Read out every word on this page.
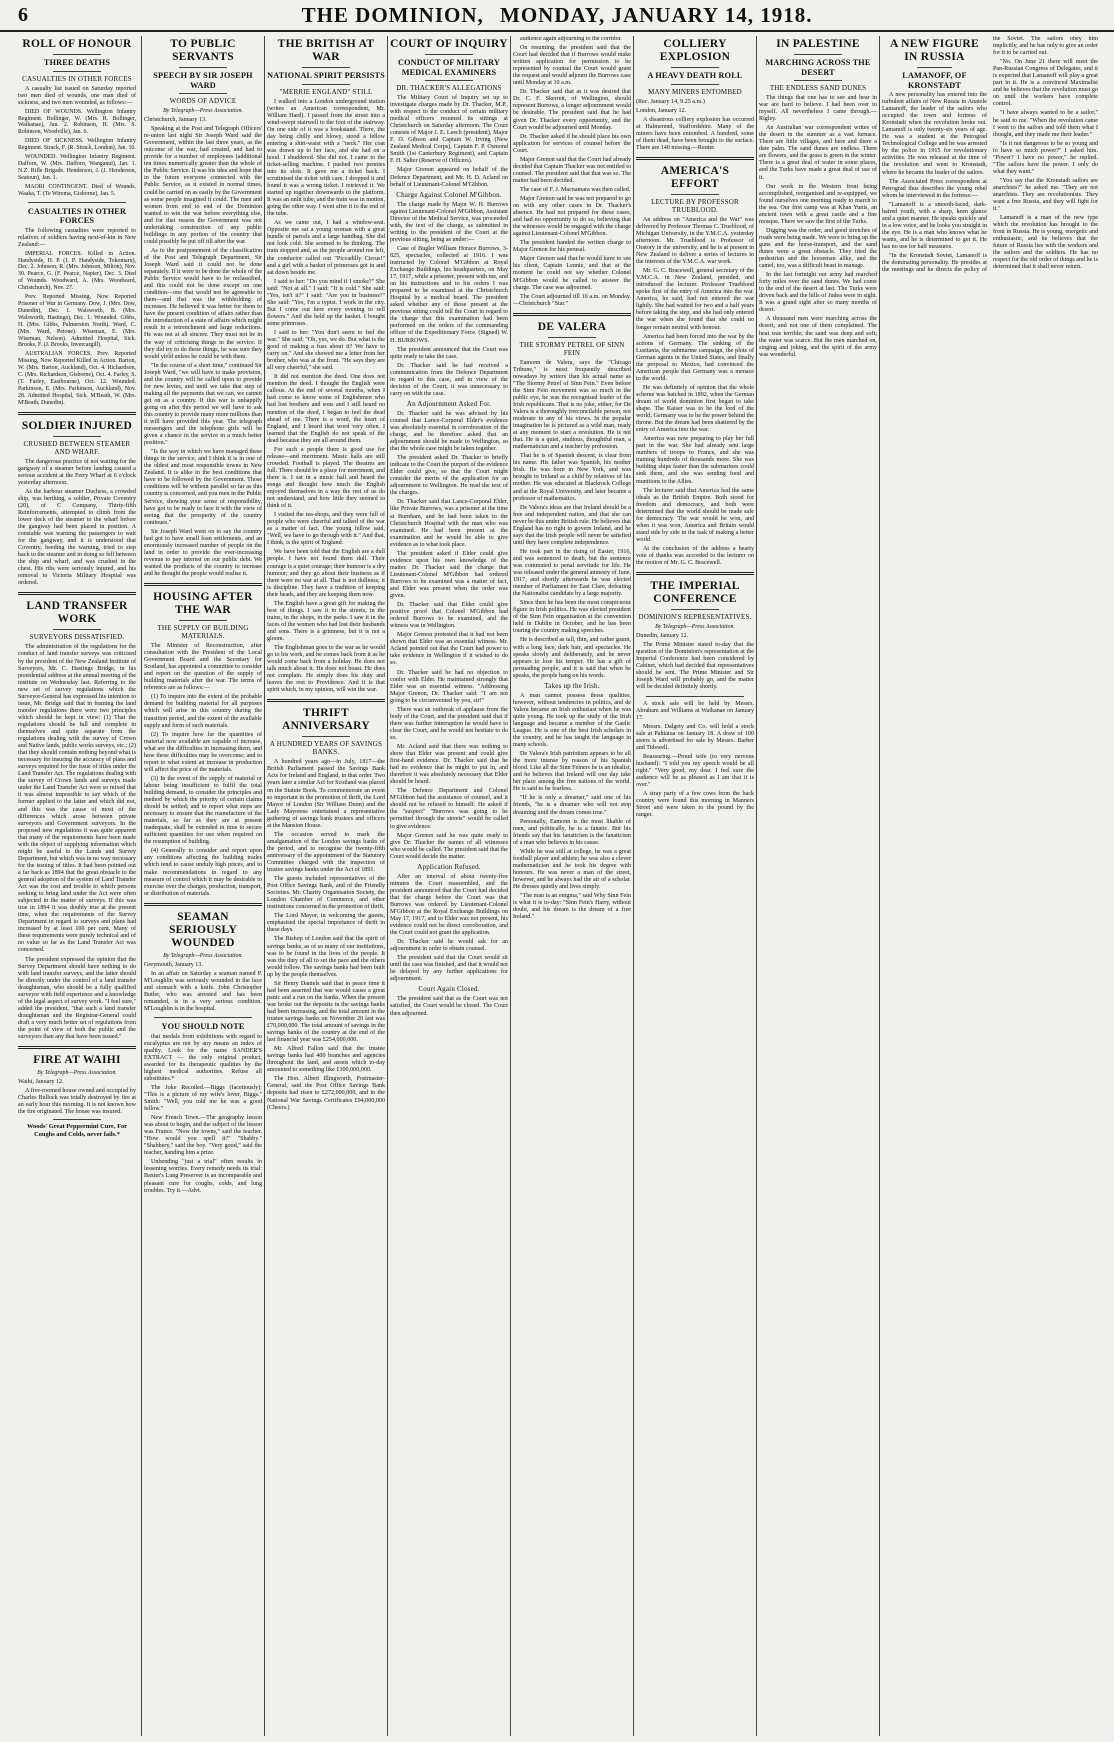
6	THE DOMINION, MONDAY, JANUARY 14, 1918.
ROLL OF HONOUR
THREE DEATHS
CASUALTIES IN OTHER FORCES

A casualty list issued on Saturday reported two men died of wounds, one man died of sickness, and two men wounded, as follows:—

DIED OF WOUNDS. Wellington Infantry Regiment. Bollinger, W. (Mrs. R. Bollinger, Waikanae), Jan. 2. Robinson, H. (Mrs. S. Robinson, Woodville), Jan. 6.

DIED OF SICKNESS. Wellington Infantry Regiment. Strack, F. (R. Strack, London), Jan. 10.

WOUNDED. Wellington Infantry Regiment. Dafforn, W. (Mrs. Dafforn, Wanganui), Jan. 1. N.Z. Rifle Brigade. Henderson, J. (J. Henderson, Seatoun), Jan. 1.

MAORI CONTINGENT. Died of Wounds. Waaka, T. (Te Wirema, Gisborne), Jan. 5.

CASUALTIES IN OTHER FORCES

The following casualties were reported to relatives of soldiers having next-of-kin in New Zealand:—

IMPERIAL FORCES. Killed in Action. Handyside, H. P. (J. P. Handyside, Tokomaru), Dec. 2. Johnson, R. (Mrs. Johnson, Milton), Nov. 30. Pearce, G. (F. Pearce, Napier), Dec. 3. Died of Wounds. Woodward, A. (Mrs. Woodward, Christchurch), Nov. 27.

Prev. Reported Missing, Now Reported Prisoner of War in Germany. Dow, J. (Mrs. Dow, Dunedin), Dec. 1. Walsworth, B. (Mrs. Walsworth, Hastings), Dec. 1. Wounded. Gibbs, H. (Mrs. Gibbs, Palmerston North). Ward, C. (Mrs. Ward, Petone). Wiseman, E. (Mrs. Wiseman, Nelson). Admitted Hospital, Sick. Brooks, F. (J. Brooks, Invercargill).

AUSTRALIAN FORCES. Prev. Reported Missing, Now Reported Killed in Action. Barton, W. (Mrs. Barton, Auckland), Oct. 4. Richardson, C. (Mrs. Richardson, Gisborne), Oct. 4. Farley, S. (T. Farley, Eastbourne), Oct. 12. Wounded. Parkinson, E. (Mrs. Parkinson, Auckland), Nov. 28. Admitted Hospital, Sick. M'Beath, W. (Mrs. M'Beath, Dunedin).

SOLDIER INJURED
CRUSHED BETWEEN STEAMER AND WHARF.

The dangerous practice of not waiting for the gangway of a steamer before landing caused a serious accident at the Ferry Wharf at 6 o'clock yesterday afternoon.

As the harbour steamer Duchess, a crowded ship, was berthing, a soldier, Private Coventry (20), of C Company, Thirty-fifth Reinforcements, attempted to climb from the lower deck of the steamer to the wharf before the gangway had been placed in position. A constable was warning the passengers to wait for the gangway, and it is understood that Coventry, heeding the warning, tried to step back to the steamer and in doing so fell between the ship and wharf, and was crushed in the chest. His ribs were seriously injured, and his removal to Victoria Military Hospital was ordered.

LAND TRANSFER WORK
SURVEYORS DISSATISFIED.

The administration of the regulations for the conduct of land transfer surveys was criticised by the president of the New Zealand Institute of Surveyors, Mr. C. Hastings Bridge, in his presidential address at the annual meeting of the institute on Wednesday last. Referring to the new set of survey regulations which the Surveyor-General has expressed his intention to issue, Mr. Bridge said that in framing the land transfer regulations there were two principles which should be kept in view: (1) That the regulations should be full and complete in themselves and quite separate from the regulations dealing with the survey of Crown and Native lands, public works surveys, etc.; (2) that they should contain nothing beyond what is necessary for insuring the accuracy of plans and surveys required for the issue of titles under the Land Transfer Act. The regulations dealing with the survey of Crown lands and surveys made under the Land Transfer Act were so mixed that it was almost impossible to say which of the former applied to the latter and which did not, and this was the cause of most of the differences which arose between private surveyors and Government surveyors. In the proposed new regulations it was quite apparent that many of the requirements have been made with the object of supplying information which might be useful to the Lands and Survey Department, but which was in no way necessary for the issuing of titles. It had been pointed out a far back as 1894 that the great obstacle to the general adoption of the system of Land Transfer Act was the cost and trouble to which persons seeking to bring land under the Act were often subjected in the matter of surveys. If this was true in 1894 it was doubly true at the present time, when the requirements of the Survey Department in regard to surveys and plans had increased by at least 100 per cent. Many of these requirements were purely technical and of no value so far as the Land Transfer Act was concerned.

The president expressed the opinion that the Survey Department should have nothing to do with land transfer surveys, and the latter should be directly under the control of a land transfer draughtsman, who should be a fully qualified surveyor with field experience and a knowledge of the legal aspect of survey work. "I feel sure," added the president, "that such a land transfer draughtsman and the Registrar-General could draft a very much better set of regulations from the point of view of both the public and the surveyors than any that have been issued."

FIRE AT WAIHI
By Telegraph—Press Association.
Waihi, January 12.

A five-roomed house owned and occupied by Charles Bullock was totally destroyed by fire at an early hour this morning. It is not known how the fire originated. The house was insured.

Woods' Great Peppermint Cure, For Coughs and Colds, never fails.*
TO PUBLIC SERVANTS
SPEECH BY SIR JOSEPH WARD
WORDS OF ADVICE
By Telegraph—Press Association.
Christchurch, January 13.

Speaking at the Post and Telegraph Officers' re-union last night Sir Joseph Ward said the Government, within the last three years, as the outcome of the war, had created, and had to provide for a number of employees (additional ten times numerically greater than the whole of the Public Service. It was his idea and hope that in the future everyone connected with the Public Service, as it existed in normal times, could be carried on as easily by the Government as some people imagined it could. The men and women from end to end of the Dominion wanted to win the war before everything else, and for that reason the Government was not undertaking construction of any public buildings in any portion of the country that could possibly be put off till after the war.

As to the postponement of the classification of the Post and Telegraph Department, Sir Joseph Ward said it could not be done separately. If it were to be done the whole of the Public Service would have to be reclassified, and this could not be done except on one condition—one that would not be agreeable to them—and that was the withholding of increases. He believed it was better for them to have the present condition of affairs rather than the introduction of a state of affairs which might result in a retrenchment and large reductions. He was not at all sincere. They must not be in the way of criticising things in the service. If they did try to do these things, he was sure they would yield unless he could be with them.

"In the course of a short time," continued Sir Joseph Ward, "we will have to make provision, and the country will be called upon to provide for new levies, and until we take that step of making all the payments that we can, we cannot get on as a country. If this war is unhappily going on after this period we will have to ask this country to provide many more millions than it will have provided this year. The telegraph messengers and the telephone girls will be given a chance in the service in a much better position."

"Is the way in which we have managed these things in the service, and I think it is in one of the oldest and most responsible towns in New Zealand. It is alike in the best conditions that have to be followed by the Government. Those conditions will be without parallel so far as this country is concerned, and you men in the Public Service, showing your sense of responsibility, have got to be ready to face it with the view of seeing that the prosperity of the country continues."

Sir Joseph Ward went on to say the country had got to have small loan settlements, and an enormously increased number of people on the land in order to provide the ever-increasing revenue to pay interest on our public debt. We wanted the products of the country to increase and he thought the people would realise it.

HOUSING AFTER THE WAR
THE SUPPLY OF BUILDING MATERIALS.

The Minister of Reconstruction, after consultation with the President of the Local Government Board and the Secretary for Scotland, has appointed a committee to consider and report on the question of the supply of building materials after the war. The terms of reference are as follows:—

(1) To inquire into the extent of the probable demand for building material for all purposes which will arise in this country during the transition period, and the extent of the available supply and form of such materials.

(2) To inquire how far the quantities of material now available are capable of increase, what are the difficulties in increasing them, and how these difficulties may be overcome; and to report to what extent an increase in production will affect the price of the materials.

(3) In the event of the supply of material or labour being insufficient to fulfil the total building demand, to consider the principles and method by which the priority of certain claims should be settled; and to report what steps are necessary to ensure that the manufacture of the materials, so far as they are at present inadequate, shall be extended in time to secure sufficient quantities for use when required on the resumption of building.

(4) Generally to consider and report upon any conditions affecting the building trades which tend to cause unduly high prices, and to make recommendations in regard to any measure of control which it may be desirable to exercise over the charges, production, transport, or distribution of materials.

SEAMAN SERIOUSLY WOUNDED
By Telegraph—Press Association.
Greymouth, January 13.

In an affair on Saturday a seaman named P. M'Loughlin was seriously wounded in the face and stomach with a knife. John Christopher Butler, who was arrested and has been remanded, is in a very serious condition. M'Loughlin is in the hospital.

YOU SHOULD NOTE

that medals from exhibitions with regard to eucalyptus are not by any means an index of quality. Look for the name SANDER'S EXTRACT — the only original product, awarded for its therapeutic qualities by the highest medical authorities. Refuse all substitutes.*

The Joke Recoiled.—Biggs (facetiously): "This is a picture of my wife's lover, Biggs." Smith: "Well, you told me he was a good fellow."

New French Town.—The geography lesson was about to begin, and the subject of the lesson was France. "Now the towns," said the teacher. "How would you spell it?" "Shabby." "Shabbery," said the boy. "Very good," said the teacher, handing him a prize.

Unbending "just a trial" often results in lessening worries. Every remedy needs its trial: Baxter's Lung Preserver is an incomparable and pleasant cure for coughs, colds, and lung troubles. Try it.—Advt.

THE BRITISH AT WAR
NATIONAL SPIRIT PERSISTS
"MERRIE ENGLAND" STILL

I walked into a London underground station (writes an American correspondent, Mr. William Hard). I passed from the street into a wind-swept stairwell to the foot of the stairway. On one side of it was a bookstand. There, the day being chilly and blowy, stood a fellow entering a shirt-waist with a "neck." Her coat was drawn up to her face, and she had on a hood. I shuddered. She did not. I came to the ticket-selling machine. I pushed two pennies into its slots. It gave me a ticket back. I scrutinised the ticket with care. I dropped it and found it was a wrong ticket. I retrieved it. We started up together downwards to the platform. It was an unlit tube, and the train was in motion, going the other way. I went after it to the end of the tube.

As we came out, I had a window-seat. Opposite me sat a young woman with a great bundle of parcels and a large handbag. She did not look cold. She seemed to be thinking. The train stopped and, as the people around me left, the conductor called out "Piccadilly Circus!" and a girl with a basket of primroses got in and sat down beside me.

I said to her: "Do you mind if I smoke?" She said: "Not at all." I said: "It is cold." She said: "Yes, isn't it?" I said: "Are you in business?" She said: "Yes, I'm a typist. I work in the city. But I come out here every evening to sell flowers." And she held up the basket. I bought some primroses.

I said to her: "You don't seem to feel the war." She said: "Oh, yes, we do. But what is the good of making a fuss about it? We have to carry on." And she showed me a letter from her brother, who was at the front. "He says they are all very cheerful," she said.

It did not mention the deed. One does not mention the deed. I thought the English were callous. At the end of several months, when I had come to know some of Englishmen who had lost brothers and sons and I still heard no mention of the deed, I began to feel the dead ahead of me. There is a word, the heart of England, and I heard that word very often. I learned that the English do not speak of the dead because they are all around them.

For such a people there is good use for release—and merriment. Music halls are still crowded. Football is played. The theatres are full. There should be a place for merriment, and there is. I sat in a music hall and heard the songs and thought how much the English enjoyed themselves in a way the rest of us do not understand, and how little they seemed to think of it.

I visited the tea-shops, and they were full of people who were cheerful and talked of the war as a matter of fact. One young fellow said, "Well, we have to go through with it." And that, I think, is the spirit of England.

We have been told that the English are a dull people. I have not found them dull. Their courage is a quiet courage; their humour is a dry humour; and they go about their business as if there were no war at all. That is not dullness; it is discipline. They have a tradition of keeping their heads, and they are keeping them now.

The English have a great gift for making the best of things. I saw it in the streets, in the trains, in the shops, in the parks. I saw it in the faces of the women who had lost their husbands and sons. There is a grimness, but it is not a gloom.

The Englishman goes to the war as he would go to his work, and he comes back from it as he would come back from a holiday. He does not talk much about it. He does not boast. He does not complain. He simply does his duty and leaves the rest to Providence. And it is that spirit which, in my opinion, will win the war.

THRIFT ANNIVERSARY
A HUNDRED YEARS OF SAVINGS BANKS.

A hundred years ago—in July, 1817—the British Parliament passed the Savings Bank Acts for Ireland and England, in that order. Two years later a similar Act for Scotland was placed on the Statute Book. To commemorate an event so important in the promotion of thrift, the Lord Mayor of London (Sir William Dunn) and the Lady Mayoress entertained a representative gathering of savings bank trustees and officers at the Mansion House.

The occasion served to mark the amalgamation of the London savings banks of the period, and to recognise the twenty-fifth anniversary of the appointment of the Statutory Committee charged with the inspection of trustee savings banks under the Act of 1891.

The guests included representatives of the Post Office Savings Bank, and of the Friendly Societies. Mr. Charity Organisation Society, the London Chamber of Commerce, and other institutions concerned in the promotion of thrift.

The Lord Mayor, in welcoming the guests, emphasised the special importance of thrift in these days.

The Bishop of London said that the spirit of savings banks, as of so many of our institutions, was to be found in the lives of the people. It was the duty of all to set the pace and the others would follow. The savings banks had been built up by the people themselves.

Sir Henry Daniels said that in peace time it had been asserted that war would cause a great panic and a run on the banks. When the present war broke out the deposits in the savings banks had been increasing, and the total amount in the trustee savings banks on November 20 last was £70,000,000. The total amount of savings in the savings banks of the country at the end of the last financial year was £254,000,000.

Mr. Alfred Fallon said that the trustee savings banks had 400 branches and agencies throughout the land, and assets which to-day amounted to something like £100,000,000.

The Hon. Albert Illingworth, Postmaster-General, said the Post Office Savings Bank deposits had risen to £272,000,000, and in the National War Savings Certificates £94,000,000 (Cheers.)

COURT OF INQUIRY
CONDUCT OF MILITARY MEDICAL EXAMINERS
DR. THACKER'S ALLEGATIONS

The Military Court of Inquiry set up to investigate charges made by Dr. Thacker, M.P., with respect to the conduct of certain military medical officers resumed its sittings at Christchurch on Saturday afternoon. The Court consists of Major J. E. Leech (president), Major F. O. Gibson and Captain W. Irving (New Zealand Medical Corps), Captain F. P. Osmond Smith (1st Canterbury Regiment), and Captain F. H. Salter (Reserve of Officers).

Major Grenon appeared on behalf of the Defence Department, and Mr. H. D. Acland on behalf of Lieutenant-Colonel M'Gibbon.

Charge Against Colonel M'Gibbon.

The charge made by Major W. H. Burrows against Lieutenant-Colonel M'Gibbon, Assistant Director of the Medical Service, was proceeded with, the text of the charge, as submitted in writing to the president of the Court at the previous sitting, being as under:—

Case of Bugler William Horace Burrows, 3-825, spectacles, collected at 1916. I was instructed by Colonel M'Gibbon at Royal Exchange Buildings, his headquarters, on May 17, 1917, while a prisoner, present with me, and on his instructions and to his orders I was prepared to be examined at the Christchurch Hospital by a medical board. The president asked whether any of those present at the previous sitting could tell the Court in regard to the charge that this examination had been performed on the orders of the commanding officer of the Expeditionary Force. (Signed) W. H. BURROWS.

The president announced that the Court was quite ready to take the case.

Dr. Thacker said he had received a communication from the Defence Department in regard to this case, and in view of the decision of the Court, it was unnecessary to carry on with the case.

An Adjournment Asked For.

Dr. Thacker said he was advised by his counsel that Lance-Corporal Elder's evidence was absolutely essential in corroboration of the charge, and he therefore asked that an adjournment should be made to Wellington, so that the whole case might be taken together.

The president asked Dr. Thacker to briefly indicate to the Court the purport of the evidence Elder could give, so that the Court might consider the merits of the application for an adjournment to Wellington. He read the text of the charges.

Dr. Thacker said that Lance-Corporal Elder, like Private Burrows, was a prisoner at the time at Burnham, and he had been taken to the Christchurch Hospital with the man who was examined. He had been present at the examination and he would be able to give evidence as to what took place.

The president asked if Elder could give evidence upon his own knowledge of the matter. Dr. Thacker said the charge that Lieutenant-Colonel M'Gibbon had ordered Burrows to be examined was a matter of fact, and Elder was present when the order was given.

Dr. Thacker said that Elder could give positive proof that Colonel M'Gibbon had ordered Burrows to be examined, and the witness was in Wellington.

Major Grenon protested that it had not been shown that Elder was an essential witness. Mr. Acland pointed out that the Court had power to take evidence in Wellington if it wished to do so.

Dr. Thacker said he had no objection to confer with Elder. He maintained strongly that Elder was an essential witness. "Addressing Major Grenon, Dr. Thacker said: "I am not going to be circumvented by you, sir!"

There was an outbreak of applause from the body of the Court, and the president said that if there was further interruption he would have to clear the Court, and he would not hesitate to do so.

Mr. Acland said that there was nothing to show that Elder was present and could give first-hand evidence. Dr. Thacker said that he had no evidence that he might to put in, and therefore it was absolutely necessary that Elder should be heard.

The Defence Department and Colonel M'Gibbon had the assistance of counsel, and it should not be refused to himself. He asked if the "suspect" "Burrows was going to be permitted through the streets" would be called to give evidence.

Major Grenon said he was quite ready to give Dr. Thacker the names of all witnesses who would be called. The president said that the Court would decide the matter.

Application Refused.

After an interval of about twenty-five minutes the Court reassembled, and the president announced that the Court had decided that the charge before the Court was that Burrows was ordered by Lieutenant-Colonel M'Gibbon at the Royal Exchange Buildings on May 17, 1917, and to Elder was not present, his evidence could not be direct corroboration, and the Court could not grant the application.

Dr. Thacker said he would ask for an adjournment in order to obtain counsel.

The president said that the Court would sit until the case was finished, and that it would not be delayed by any further applications for adjournment.

Court Again Closed.

The president said that as the Court was not satisfied, the Court would be closed. The Court then adjourned.

audience again adjourning to the corridor.

On resuming, the president said that the Court had decided that if Burrows would make written application for permission to be represented by counsel the Court would grant the request and would adjourn the Burrows case until Monday at 10 a.m.

Dr. Thacker said that as it was desired that Dr. C. F. Skerrett, of Wellington, should represent Burrows, a longer adjournment would be desirable. The president said that he had given Dr. Thacker every opportunity, and the Court would be adjourned until Monday.

Dr. Thacker asked if he should place his own application for services of counsel before the Court.

Major Grenon said that the Court had already decided that Captain Thacker was not entitled to counsel. The president said that that was so. The matter had been decided.

The case of F. J. Macnamara was then called.

Major Grenon said he was not prepared to go on with any other cases in Dr. Thacker's absence. He had not prepared for these cases, and had no opportunity to do so, believing that the witnesses would be engaged with the charge against Lieutenant-Colonel M'Gibbon.

The president handed the written charge to Major Grenon for his perusal.

Major Grenon said that he would have to see his client, Captain Lennie, and that at the moment he could not say whether Colonel M'Gibbon would be called to answer the charge. The case was adjourned.

The Court adjourned till 10 a.m. on Monday.—Christchurch "Star."

DE VALERA
THE STORMY PETREL OF SINN FEIN

Eamonn de Valera, says the "Chicago Tribune," is most frequently described nowadays by writers than his actual name as "The Stormy Petrel of Sinn Fein." Even before the Sinn Fein movement was so much in the public eye, he was the recognised leader of the Irish republicans. That is no joke, either, for De Valera is a thoroughly irreconcilable person, not moderate in any of his views. In the popular imagination he is pictured as a wild man, ready at any moment to start a revolution. He is not that. He is a quiet, studious, thoughtful man, a mathematician and a teacher by profession.

That he is of Spanish descent, is clear from his name. His father was Spanish, his mother Irish. He was born in New York, and was brought to Ireland as a child by relatives of his mother. He was educated at Blackrock College and at the Royal University, and later became a professor of mathematics.

De Valera's ideas are that Ireland should be a free and independent nation, and that she can never be this under British rule. He believes that England has no right to govern Ireland, and he says that the Irish people will never be satisfied until they have complete independence.

He took part in the rising of Easter, 1916, and was sentenced to death, but the sentence was commuted to penal servitude for life. He was released under the general amnesty of June, 1917, and shortly afterwards he was elected member of Parliament for East Clare, defeating the Nationalist candidate by a large majority.

Since then he has been the most conspicuous figure in Irish politics. He was elected president of the Sinn Fein organisation at the convention held in Dublin in October, and he has been touring the country making speeches.

He is described as tall, thin, and rather gaunt, with a long face, dark hair, and spectacles. He speaks slowly and deliberately, and he never appears to lose his temper. He has a gift of persuading people, and it is said that when he speaks, the people hang on his words.

Takes up the Irish.

A man cannot possess those qualities, however, without tendencies in politics, and de Valera became an Irish enthusiast when he was quite young. He took up the study of the Irish language and became a member of the Gaelic League. He is one of the best Irish scholars in the country, and he has taught the language in many schools.

De Valera's Irish patriotism appears to be all the more intense by reason of his Spanish blood. Like all the Sinn Feiners he is an idealist, and he believes that Ireland will one day take her place among the free nations of the world. He is said to be fearless.

"If he is only a dreamer," said one of his friends, "he is a dreamer who will not stop dreaming until the dream comes true."

Personally, Eamonn is the most likable of men, and politically, he is a fanatic. But his friends say that his fanaticism is the fanaticism of a man who believes in his cause.

While he was still at college, he was a great football player and athlete; he was also a clever mathematician and he took his degree with honours. He was never a man of the street, however, and he always had the air of a scholar. He dresses quietly and lives simply.

"The man is an enigma," said Why Sinn Fein is what it is to-day: "Sinn Fein's Harry, without doubt, and his dream is the dream of a free Ireland."

COLLIERY EXPLOSION
A HEAVY DEATH ROLL
MANY MINERS ENTOMBED
(Rec. January 14, 9.25 a.m.)
London, January 12.

A disastrous colliery explosion has occurred at Halmerend, Staffordshire. Many of the miners have been entombed. A hundred, some of them dead, have been brought to the surface. There are 140 missing.—Reuter.

AMERICA'S EFFORT
LECTURE BY PROFESSOR TRUEBLOOD.

An address on "America and the War" was delivered by Professor Thomas C. Trueblood, of Michigan University, in the Y.M.C.A. yesterday afternoon. Mr. Trueblood is Professor of Oratory in the university, and he is at present in New Zealand to deliver a series of lectures in the interests of the Y.M.C.A. war work.

Mr. G. C. Bracewell, general secretary of the Y.M.C.A. in New Zealand, presided, and introduced the lecturer. Professor Trueblood spoke first of the entry of America into the war. America, he said, had not entered the war lightly. She had waited for two and a half years before taking the step, and she had only entered the war when she found that she could no longer remain neutral with honour.

America had been forced into the war by the actions of Germany. The sinking of the Lusitania, the submarine campaign, the plots of German agents in the United States, and finally the proposal to Mexico, had convinced the American people that Germany was a menace to the world.

He was definitely of opinion that the whole scheme was hatched in 1892, when the German dream of world dominion first began to take shape. The Kaiser was to be the lord of the world; Germany was to be the power behind the throne. But the dream had been shattered by the entry of America into the war.

America was now preparing to play her full part in the war. She had already sent large numbers of troops to France, and she was training hundreds of thousands more. She was building ships faster than the submarines could sink them, and she was sending food and munitions to the Allies.

The lecturer said that America had the same ideals as the British Empire. Both stood for freedom and democracy, and both were determined that the world should be made safe for democracy. The war would be won, and when it was won, America and Britain would stand side by side in the task of making a better world.

At the conclusion of the address a hearty vote of thanks was accorded to the lecturer on the motion of Mr. G. C. Bracewell.

THE IMPERIAL CONFERENCE
DOMINION'S REPRESENTATIVES.
By Telegraph—Press Association.
Dunedin, January 12.

The Prime Minister stated to-day that the question of the Dominion's representation at the Imperial Conference had been considered by Cabinet, which had decided that representatives should be sent. The Prime Minister and Sir Joseph Ward will probably go, and the matter will be decided definitely shortly.

A stock sale will be held by Messrs. Abraham and Williams at Waikanae on January 17.

Messrs. Dalgety and Co. will hold a stock sale at Pahiatua on January 18. A draw of 100 steers is advertised for sale by Messrs. Barber and Tidswell.

Reassuring.—Proud wife (to very nervous husband): "I told you my speech would be all right." "Very good, my dear. I feel sure the audience will be as pleased as I am that it is over."

A stray party of a few cows from the back country were found this morning in Manners Street and were taken to the pound by the ranger.

IN PALESTINE
MARCHING ACROSS THE DESERT
THE ENDLESS SAND DUNES

The things that one has to see and hear in war are hard to believe. I had been over to myself. All nevertheless I came through.—Rigley.

An Australian war correspondent writes of the desert in the summer as a vast furnace. There are little villages, and here and there a date palm. The sand dunes are endless. There are flowers, and the grass is green in the winter. There is a great deal of water in some places, and the Turks have made a great deal of use of it.

Our work in the Western front being accomplished, reorganised and re-equipped, we found ourselves one morning ready to march to the sea. Our first camp was at Khan Yunis, an ancient town with a great castle and a fine mosque. There we saw the first of the Turks.

Digging was the order, and good stretches of roads were being made. We were to bring up the guns and the horse-transport, and the sand dunes were a great obstacle. They tried the pedestrian and the horseman alike, and the camel, too, was a difficult beast to manage.

In the last fortnight our army had marched forty miles over the sand dunes. We had come to the end of the desert at last. The Turks were driven back and the hills of Judea were in sight. It was a grand sight after so many months of desert.

A thousand men were marching across the desert, and not one of them complained. The heat was terrible; the sand was deep and soft; the water was scarce. But the men marched on, singing and joking, and the spirit of the army was wonderful.

A NEW FIGURE IN RUSSIA
LAMANOFF, OF KRONSTADT

A new personality has entered into the turbulent affairs of New Russia in Anatole Lamanoff, the leader of the sailors who occupied the town and fortress of Kronstadt when the revolution broke out. Lamanoff is only twenty-six years of age. He was a student at the Petrograd Technological College and he was arrested by the police in 1915 for revolutionary activities. He was released at the time of the revolution and went to Kronstadt, where he became the leader of the sailors.

The Associated Press correspondent at Petrograd thus describes the young rebel whom he interviewed in the fortress:—

"Lamanoff is a smooth-faced, dark-haired youth, with a sharp, keen glance and a quiet manner. He speaks quickly and in a low voice, and he looks you straight in the eye. He is a man who knows what he wants, and he is determined to get it. He has no use for half measures.

"In the Kronstadt Soviet, Lamanoff is the dominating personality. He presides at the meetings and he directs the policy of the Soviet. The sailors obey him implicitly, and he has only to give an order for it to be carried out.

"No. On June 21 there will meet the Pan-Russian Congress of Delegates, and it is expected that Lamanoff will play a great part in it. He is a convinced Maximalist and he believes that the revolution must go on until the workers have complete control.

"I have always wanted to be a sailor," he said to me. "When the revolution came I went to the sailors and told them what I thought, and they made me their leader."

"Is it not dangerous to be so young and to have so much power?" I asked him. "Power? I have no power," he replied. "The sailors have the power. I only do what they want."

"You say that the Kronstadt sailors are anarchists?" he asked me. "They are not anarchists. They are revolutionists. They want a free Russia, and they will fight for it."

Lamanoff is a man of the new type which the revolution has brought to the front in Russia. He is young, energetic and enthusiastic, and he believes that the future of Russia lies with the workers and the sailors and the soldiers. He has no respect for the old order of things and he is determined that it shall never return.
